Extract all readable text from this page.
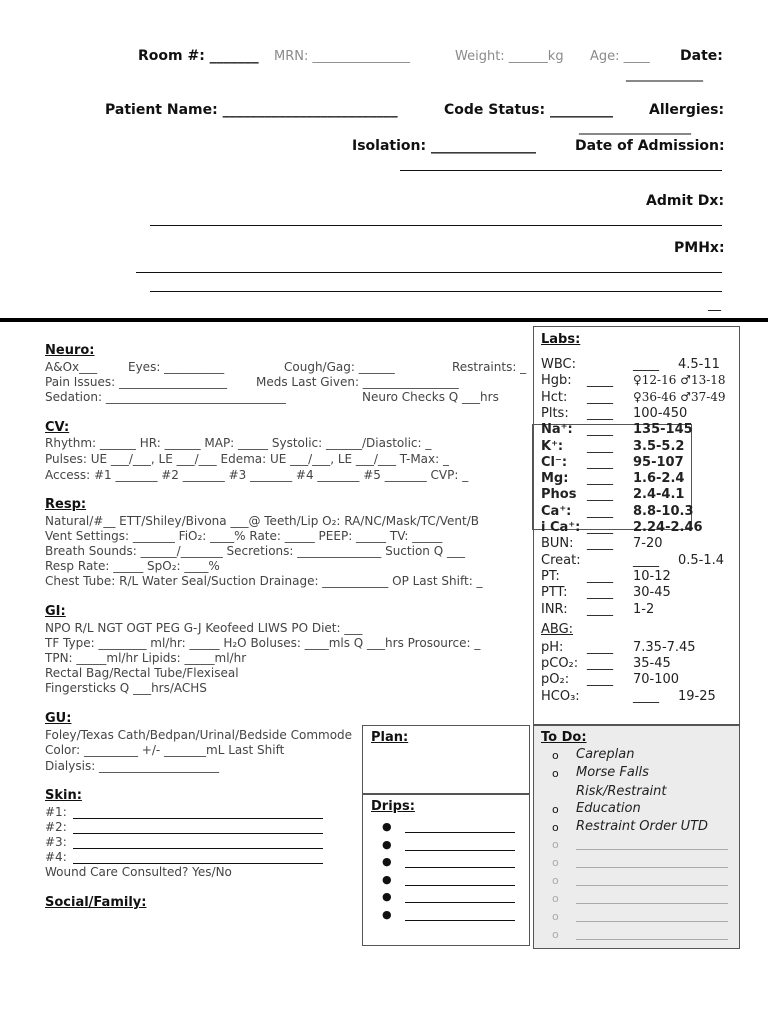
Room #: _______ MRN: _______________	Weight: ______kg Age: ____ Date:
___________
Patient Name: _________________________	Code Status: _________	Allergies:
________________
Isolation: _______________	Date of Admission:
Admit Dx:
PMHx:
__
Neuro:
A&Ox___	Eyes: __________	Cough/Gag: ______	Restraints: _
Pain Issues: __________________ Meds Last Given: ________________
Sedation: ______________________________	Neuro Checks Q ___hrs
CV:
Rhythm: ______ HR: ______ MAP: _____ Systolic: ______/Diastolic: _
Pulses: UE ___/___, LE ___/___ Edema: UE ___/___, LE ___/___ T-Max: _
Access: #1 _______ #2 _______ #3 _______ #4 _______ #5 _______ CVP: _
Resp:
Natural/#__ ETT/Shiley/Bivona ___@ Teeth/Lip O₂: RA/NC/Mask/TC/Vent/B
Vent Settings: _______ FiO₂: ____% Rate: _____ PEEP: _____ TV: _____
Breath Sounds: ______/_______ Secretions: ______________ Suction Q ___
Resp Rate: _____ SpO₂: ____%
Chest Tube: R/L Water Seal/Suction Drainage: ___________ OP Last Shift: _
GI:
NPO R/L NGT OGT PEG G-J Keofeed LIWS PO Diet: ___
TF Type: ________ ml/hr: _____ H₂O Boluses: ____mls Q ___hrs Prosource: _
TPN: _____ml/hr Lipids: _____ml/hr
Rectal Bag/Rectal Tube/Flexiseal
Fingersticks Q ___hrs/ACHS
GU:
Foley/Texas Cath/Bedpan/Urinal/Bedside Commode
Color: _________ +/- _______mL Last Shift
Dialysis: ____________________
Skin:
#1:
#2:
#3:
#4:
Wound Care Consulted? Yes/No
Social/Family:
Labs:
WBC:	____ 4.5-11
Hgb: ____ ♀12-16 ♂13-18
Hct: ____ ♀36-46 ♂37-49
Plts: ____ 100-450
Na⁺: ____ 135-145
K⁺: ____ 3.5-5.2
Cl⁻: ____ 95-107
Mg: ____ 1.6-2.4
Phos ____ 2.4-4.1
Ca⁺: ____ 8.8-10.3
i Ca⁺: ____ 2.24-2.46
BUN: ____ 7-20
Creat:	____ 0.5-1.4
PT: ____ 10-12
PTT: ____ 30-45
INR: ____ 1-2
ABG:
pH: ____ 7.35-7.45
pCO₂: ____ 35-45
pO₂: ____ 70-100
HCO₃:	____ 19-25
Plan:
Drips:
●
●
●
●
●
●
To Do:
o Careplan
o Morse Falls
Risk/Restraint
o Education
o Restraint Order UTD
o
o
o
o
o
o
